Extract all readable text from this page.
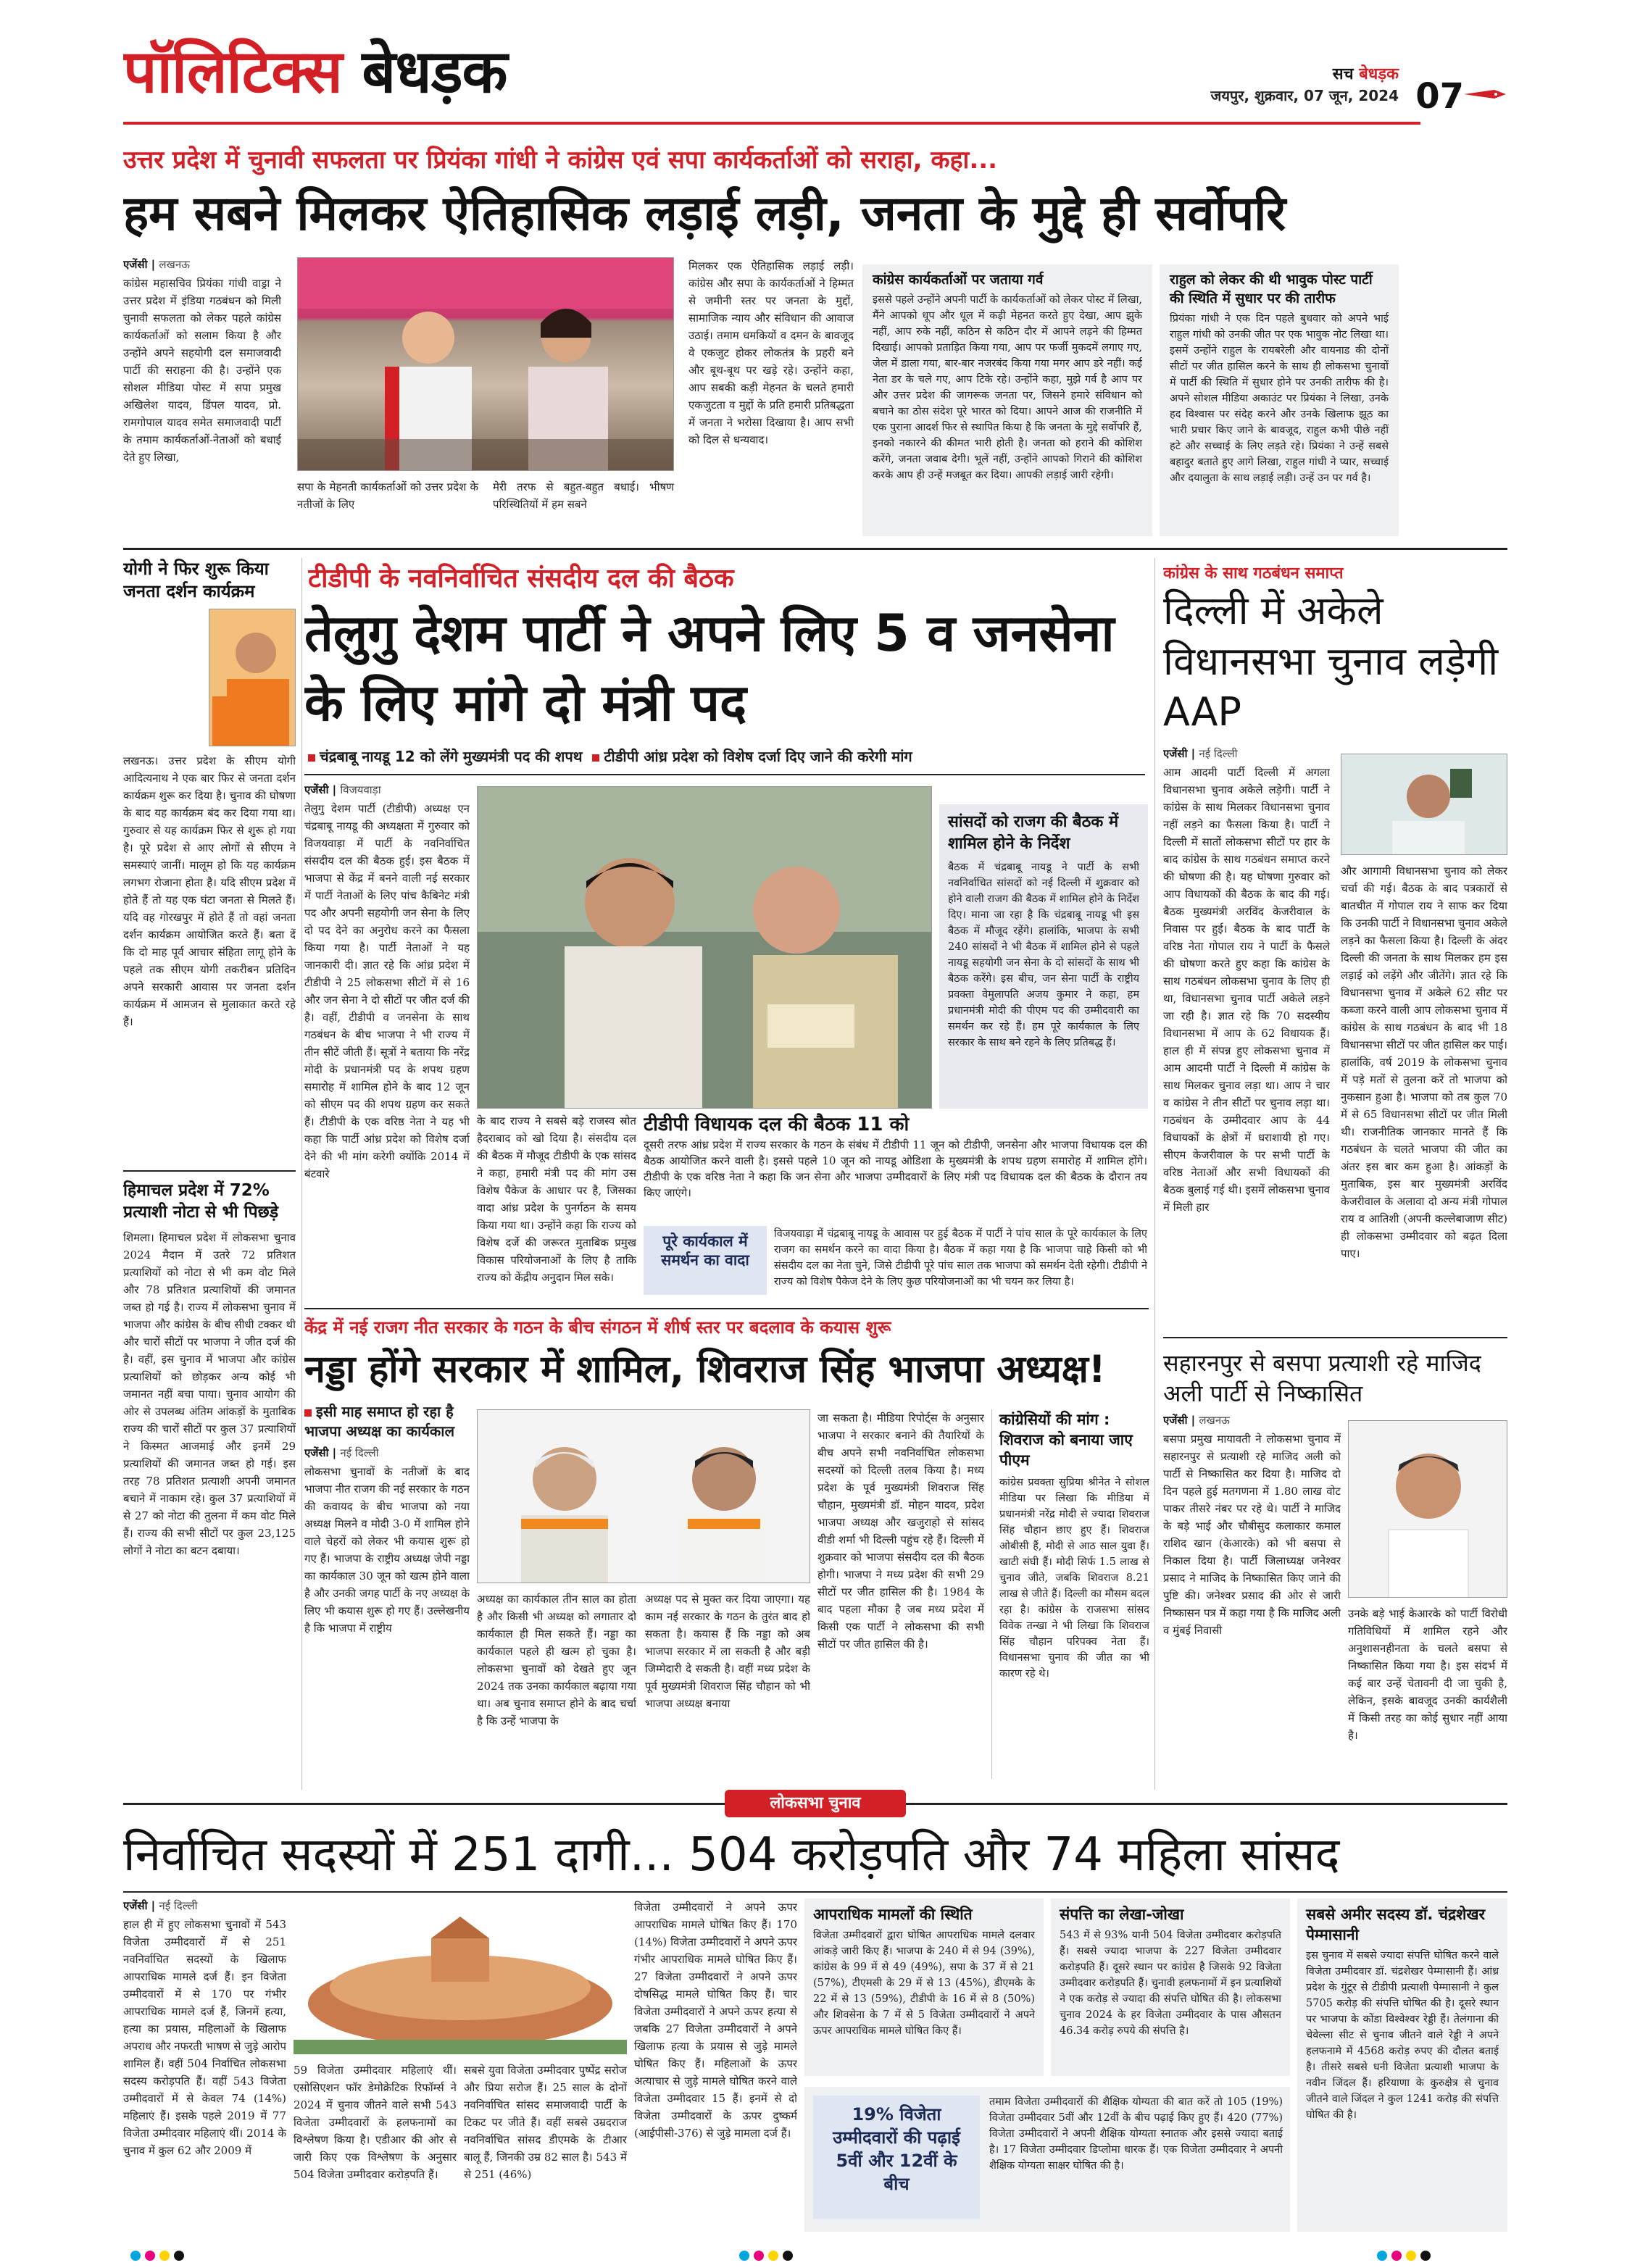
पॉलिटिक्स बेधड़क	सच बेधड़क
जयपुर, शुक्रवार, 07 जून, 2024 07
उत्तर प्रदेश में चुनावी सफलता पर प्रियंका गांधी ने कांग्रेस एवं सपा कार्यकर्ताओं को सराहा, कहा...
हम सबने मिलकर ऐतिहासिक लड़ाई लड़ी, जनता के मुद्दे ही सर्वोपरि
एजेंसी | लखनऊ
कांग्रेस महासचिव प्रियंका गांधी वाड्रा ने उत्तर प्रदेश में इंडिया गठबंधन को मिली चुनावी सफलता को लेकर पहले कांग्रेस कार्यकर्ताओं को सलाम किया है और उन्होंने अपने सहयोगी दल समाजवादी पार्टी की सराहना की है। उन्होंने एक सोशल मीडिया पोस्ट में सपा प्रमुख अखिलेश यादव, डिंपल यादव, प्रो. रामगोपाल यादव समेत समाजवादी पार्टी के तमाम कार्यकर्ताओं-नेताओं को बधाई देते हुए लिखा,
सपा के मेहनती कार्यकर्ताओं को उत्तर प्रदेश के नतीजों के लिए
मेरी तरफ से बहुत-बहुत बधाई। भीषण परिस्थितियों में हम सबने
मिलकर एक ऐतिहासिक लड़ाई लड़ी। कांग्रेस और सपा के कार्यकर्ताओं ने हिम्मत से जमीनी स्तर पर जनता के मुद्दों, सामाजिक न्याय और संविधान की आवाज उठाई। तमाम धमकियों व दमन के बावजूद वे एकजुट होकर लोकतंत्र के प्रहरी बने और बूथ-बूथ पर खड़े रहे। उन्होंने कहा, आप सबकी कड़ी मेहनत के चलते हमारी एकजुटता व मुद्दों के प्रति हमारी प्रतिबद्धता में जनता ने भरोसा दिखाया है। आप सभी को दिल से धन्यवाद।
कांग्रेस कार्यकर्ताओं पर जताया गर्व
इससे पहले उन्होंने अपनी पार्टी के कार्यकर्ताओं को लेकर पोस्ट में लिखा, मैंने आपको धूप और धूल में कड़ी मेहनत करते हुए देखा, आप झुके नहीं, आप रुके नहीं, कठिन से कठिन दौर में आपने लड़ने की हिम्मत दिखाई। आपको प्रताड़ित किया गया, आप पर फर्जी मुकदमें लगाए गए, जेल में डाला गया, बार-बार नजरबंद किया गया मगर आप डरे नहीं। कई नेता डर के चले गए, आप टिके रहे। उन्होंने कहा, मुझे गर्व है आप पर और उत्तर प्रदेश की जागरूक जनता पर, जिसने हमारे संविधान को बचाने का ठोस संदेश पूरे भारत को दिया। आपने आज की राजनीति में एक पुराना आदर्श फिर से स्थापित किया है कि जनता के मुद्दे सर्वोपरि हैं, इनको नकारने की कीमत भारी होती है। जनता को हराने की कोशिश करेंगे, जनता जवाब देगी। भूलें नहीं, उन्होंने आपको गिराने की कोशिश करके आप ही उन्हें मजबूत कर दिया। आपकी लड़ाई जारी रहेगी।
राहुल को लेकर की थी भावुक पोस्ट पार्टी की स्थिति में सुधार पर की तारीफ
प्रियंका गांधी ने एक दिन पहले बुधवार को अपने भाई राहुल गांधी को उनकी जीत पर एक भावुक नोट लिखा था। इसमें उन्होंने राहुल के रायबरेली और वायनाड की दोनों सीटों पर जीत हासिल करने के साथ ही लोकसभा चुनावों में पार्टी की स्थिति में सुधार होने पर उनकी तारीफ की है। अपने सोशल मीडिया अकाउंट पर प्रियंका ने लिखा, उनके हद विश्वास पर संदेह करने और उनके खिलाफ झूठ का भारी प्रचार किए जाने के बावजूद, राहुल कभी पीछे नहीं हटे और सच्चाई के लिए लड़ते रहे। प्रियंका ने उन्हें सबसे बहादुर बताते हुए आगे लिखा, राहुल गांधी ने प्यार, सच्चाई और दयालुता के साथ लड़ाई लड़ी। उन्हें उन पर गर्व है।
योगी ने फिर शुरू किया जनता दर्शन कार्यक्रम
लखनऊ। उत्तर प्रदेश के सीएम योगी आदित्यनाथ ने एक बार फिर से जनता दर्शन कार्यक्रम शुरू कर दिया है। चुनाव की घोषणा के बाद यह कार्यक्रम बंद कर दिया गया था। गुरुवार से यह कार्यक्रम फिर से शुरू हो गया है। पूरे प्रदेश से आए लोगों से सीएम ने समस्याएं जानीं। मालूम हो कि यह कार्यक्रम लगभग रोजाना होता है। यदि सीएम प्रदेश में होते हैं तो यह एक घंटा जनता से मिलते हैं। यदि वह गोरखपुर में होते हैं तो वहां जनता दर्शन कार्यक्रम आयोजित करते हैं। बता दें कि दो माह पूर्व आचार संहिता लागू होने के पहले तक सीएम योगी तकरीबन प्रतिदिन अपने सरकारी आवास पर जनता दर्शन कार्यक्रम में आमजन से मुलाकात करते रहे हैं।
हिमाचल प्रदेश में 72% प्रत्याशी नोटा से भी पिछड़े
शिमला। हिमाचल प्रदेश में लोकसभा चुनाव 2024 मैदान में उतरे 72 प्रतिशत प्रत्याशियों को नोटा से भी कम वोट मिले और 78 प्रतिशत प्रत्याशियों की जमानत जब्त हो गई है। राज्य में लोकसभा चुनाव में भाजपा और कांग्रेस के बीच सीधी टक्कर थी और चारों सीटों पर भाजपा ने जीत दर्ज की है। वहीं, इस चुनाव में भाजपा और कांग्रेस प्रत्याशियों को छोड़कर अन्य कोई भी जमानत नहीं बचा पाया। चुनाव आयोग की ओर से उपलब्ध अंतिम आंकड़ों के मुताबिक राज्य की चारों सीटों पर कुल 37 प्रत्याशियों ने किस्मत आजमाई और इनमें 29 प्रत्याशियों की जमानत जब्त हो गई। इस तरह 78 प्रतिशत प्रत्याशी अपनी जमानत बचाने में नाकाम रहे। कुल 37 प्रत्याशियों में से 27 को नोटा की तुलना में कम वोट मिले हैं। राज्य की सभी सीटों पर कुल 23,125 लोगों ने नोटा का बटन दबाया।
टीडीपी के नवनिर्वाचित संसदीय दल की बैठक
तेलुगु देशम पार्टी ने अपने लिए 5 व जनसेना के लिए मांगे दो मंत्री पद
चंद्रबाबू नायडू 12 को लेंगे मुख्यमंत्री पद की शपथ टीडीपी आंध्र प्रदेश को विशेष दर्जा दिए जाने की करेगी मांग
एजेंसी | विजयवाड़ा
तेलुगु देशम पार्टी (टीडीपी) अध्यक्ष एन चंद्रबाबू नायडू की अध्यक्षता में गुरुवार को विजयवाड़ा में पार्टी के नवनिर्वाचित संसदीय दल की बैठक हुई। इस बैठक में भाजपा से केंद्र में बनने वाली नई सरकार में पार्टी नेताओं के लिए पांच कैबिनेट मंत्री पद और अपनी सहयोगी जन सेना के लिए दो पद देने का अनुरोध करने का फैसला किया गया है। पार्टी नेताओं ने यह जानकारी दी। ज्ञात रहे कि आंध्र प्रदेश में टीडीपी ने 25 लोकसभा सीटों में से 16 और जन सेना ने दो सीटों पर जीत दर्ज की है। वहीं, टीडीपी व जनसेना के साथ गठबंधन के बीच भाजपा ने भी राज्य में तीन सीटें जीती हैं। सूत्रों ने बताया कि नरेंद्र मोदी के प्रधानमंत्री पद के शपथ ग्रहण समारोह में शामिल होने के बाद 12 जून को सीएम पद की शपथ ग्रहण कर सकते हैं। टीडीपी के एक वरिष्ठ नेता ने यह भी कहा कि पार्टी आंध्र प्रदेश को विशेष दर्जा देने की भी मांग करेगी क्योंकि 2014 में बंटवारे
टीडीपी विधायक दल की बैठक 11 को
दूसरी तरफ आंध्र प्रदेश में राज्य सरकार के गठन के संबंध में टीडीपी 11 जून को टीडीपी, जनसेना और भाजपा विधायक दल की बैठक आयोजित करने वाली है। इससे पहले 10 जून को नायडू ओडिशा के मुख्यमंत्री के शपथ ग्रहण समारोह में शामिल होंगे। टीडीपी के एक वरिष्ठ नेता ने कहा कि जन सेना और भाजपा उम्मीदवारों के लिए मंत्री पद विधायक दल की बैठक के दौरान तय किए जाएंगे।
के बाद राज्य ने सबसे बड़े राजस्व स्रोत हैदराबाद को खो दिया है। संसदीय दल की बैठक में मौजूद टीडीपी के एक सांसद ने कहा, हमारी मंत्री पद की मांग उस विशेष पैकेज के आधार पर है, जिसका वादा आंध्र प्रदेश के पुनर्गठन के समय किया गया था। उन्होंने कहा कि राज्य को विशेष दर्जे की जरूरत मुताबिक प्रमुख विकास परियोजनाओं के लिए है ताकि राज्य को केंद्रीय अनुदान मिल सके।
सांसदों को राजग की बैठक में शामिल होने के निर्देश
बैठक में चंद्रबाबू नायडू ने पार्टी के सभी नवनिर्वाचित सांसदों को नई दिल्ली में शुक्रवार को होने वाली राजग की बैठक में शामिल होने के निर्देश दिए। माना जा रहा है कि चंद्रबाबू नायडू भी इस बैठक में मौजूद रहेंगे। हालांकि, भाजपा के सभी 240 सांसदों ने भी बैठक में शामिल होने से पहले नायडू सहयोगी जन सेना के दो सांसदों के साथ भी बैठक करेंगे। इस बीच, जन सेना पार्टी के राष्ट्रीय प्रवक्ता वेमुलापति अजय कुमार ने कहा, हम प्रधानमंत्री मोदी की पीएम पद की उम्मीदवारी का समर्थन कर रहे हैं। हम पूरे कार्यकाल के लिए सरकार के साथ बने रहने के लिए प्रतिबद्ध हैं।
पूरे कार्यकाल में समर्थन का वादा
विजयवाड़ा में चंद्रबाबू नायडू के आवास पर हुई बैठक में पार्टी ने पांच साल के पूरे कार्यकाल के लिए राजग का समर्थन करने का वादा किया है। बैठक में कहा गया है कि भाजपा चाहे किसी को भी संसदीय दल का नेता चुने, जिसे टीडीपी पूरे पांच साल तक भाजपा को समर्थन देती रहेगी। टीडीपी ने राज्य को विशेष पैकेज देने के लिए कुछ परियोजनाओं का भी चयन कर लिया है।
कांग्रेस के साथ गठबंधन समाप्त
दिल्ली में अकेले विधानसभा चुनाव लड़ेगी AAP
एजेंसी | नई दिल्ली
आम आदमी पार्टी दिल्ली में अगला विधानसभा चुनाव अकेले लड़ेगी। पार्टी ने कांग्रेस के साथ मिलकर विधानसभा चुनाव नहीं लड़ने का फैसला किया है। पार्टी ने दिल्ली में सातों लोकसभा सीटों पर हार के बाद कांग्रेस के साथ गठबंधन समाप्त करने की घोषणा की है। यह घोषणा गुरुवार को आप विधायकों की बैठक के बाद की गई। बैठक मुख्यमंत्री अरविंद केजरीवाल के निवास पर हुई। बैठक के बाद पार्टी के वरिष्ठ नेता गोपाल राय ने पार्टी के फैसले की घोषणा करते हुए कहा कि कांग्रेस के साथ गठबंधन लोकसभा चुनाव के लिए ही था, विधानसभा चुनाव पार्टी अकेले लड़ने जा रही है। ज्ञात रहे कि 70 सदस्यीय विधानसभा में आप के 62 विधायक हैं। हाल ही में संपन्न हुए लोकसभा चुनाव में आम आदमी पार्टी ने दिल्ली में कांग्रेस के साथ मिलकर चुनाव लड़ा था। आप ने चार व कांग्रेस ने तीन सीटों पर चुनाव लड़ा था। गठबंधन के उम्मीदवार आप के 44 विधायकों के क्षेत्रों में धराशायी हो गए। सीएम केजरीवाल के पर सभी पार्टी के वरिष्ठ नेताओं और सभी विधायकों की बैठक बुलाई गई थी। इसमें लोकसभा चुनाव में मिली हार
और आगामी विधानसभा चुनाव को लेकर चर्चा की गई। बैठक के बाद पत्रकारों से बातचीत में गोपाल राय ने साफ कर दिया कि उनकी पार्टी ने विधानसभा चुनाव अकेले लड़ने का फैसला किया है। दिल्ली के अंदर दिल्ली की जनता के साथ मिलकर हम इस लड़ाई को लड़ेंगे और जीतेंगे। ज्ञात रहे कि विधानसभा चुनाव में अकेले 62 सीट पर कब्जा करने वाली आप लोकसभा चुनाव में कांग्रेस के साथ गठबंधन के बाद भी 18 विधानसभा सीटों पर जीत हासिल कर पाई। हालांकि, वर्ष 2019 के लोकसभा चुनाव में पड़े मतों से तुलना करें तो भाजपा को नुकसान हुआ है। भाजपा को तब कुल 70 में से 65 विधानसभा सीटों पर जीत मिली थी। राजनीतिक जानकार मानते हैं कि गठबंधन के चलते भाजपा की जीत का अंतर इस बार कम हुआ है। आंकड़ों के मुताबिक, इस बार मुख्यमंत्री अरविंद केजरीवाल के अलावा दो अन्य मंत्री गोपाल राय व आतिशी (अपनी कल्लेबाजाण सीट) ही लोकसभा उम्मीदवार को बढ़त दिला पाए।
सहारनपुर से बसपा प्रत्याशी रहे माजिद अली पार्टी से निष्कासित
एजेंसी | लखनऊ
बसपा प्रमुख मायावती ने लोकसभा चुनाव में सहारनपुर से प्रत्याशी रहे माजिद अली को पार्टी से निष्कासित कर दिया है। माजिद दो दिन पहले हुई मतगणना में 1.80 लाख वोट पाकर तीसरे नंबर पर रहे थे। पार्टी ने माजिद के बड़े भाई और चौबीसुद कलाकार कमाल राशिद खान (केआरके) को भी बसपा से निकाल दिया है। पार्टी जिलाध्यक्ष जनेश्वर प्रसाद ने माजिद के निष्कासित किए जाने की पुष्टि की। जनेश्वर प्रसाद की ओर से जारी निष्कासन पत्र में कहा गया है कि माजिद अली व मुंबई निवासी
उनके बड़े भाई केआरके को पार्टी विरोधी गतिविधियों में शामिल रहने और अनुशासनहीनता के चलते बसपा से निष्कासित किया गया है। इस संदर्भ में कई बार उन्हें चेतावनी दी जा चुकी है, लेकिन, इसके बावजूद उनकी कार्यशैली में किसी तरह का कोई सुधार नहीं आया है।
केंद्र में नई राजग नीत सरकार के गठन के बीच संगठन में शीर्ष स्तर पर बदलाव के कयास शुरू
नड्डा होंगे सरकार में शामिल, शिवराज सिंह भाजपा अध्यक्ष!
इसी माह समाप्त हो रहा है भाजपा अध्यक्ष का कार्यकाल
एजेंसी | नई दिल्ली
लोकसभा चुनावों के नतीजों के बाद भाजपा नीत राजग की नई सरकार के गठन की कवायद के बीच भाजपा को नया अध्यक्ष मिलने व मोदी 3-0 में शामिल होने वाले चेहरों को लेकर भी कयास शुरू हो गए हैं। भाजपा के राष्ट्रीय अध्यक्ष जेपी नड्डा का कार्यकाल 30 जून को खत्म होने वाला है और उनकी जगह पार्टी के नए अध्यक्ष के लिए भी कयास शुरू हो गए हैं। उल्लेखनीय है कि भाजपा में राष्ट्रीय
अध्यक्ष का कार्यकाल तीन साल का होता है और किसी भी अध्यक्ष को लगातार दो कार्यकाल ही मिल सकते हैं। नड्डा का कार्यकाल पहले ही खत्म हो चुका है। लोकसभा चुनावों को देखते हुए जून 2024 तक उनका कार्यकाल बढ़ाया गया था। अब चुनाव समाप्त होने के बाद चर्चा है कि उन्हें भाजपा के
अध्यक्ष पद से मुक्त कर दिया जाएगा। यह काम नई सरकार के गठन के तुरंत बाद हो सकता है। कयास हैं कि नड्डा को अब भाजपा सरकार में ला सकती है और बड़ी जिम्मेदारी दे सकती है। वहीं मध्य प्रदेश के पूर्व मुख्यमंत्री शिवराज सिंह चौहान को भी भाजपा अध्यक्ष बनाया
जा सकता है। मीडिया रिपोर्ट्स के अनुसार भाजपा ने सरकार बनाने की तैयारियों के बीच अपने सभी नवनिर्वाचित लोकसभा सदस्यों को दिल्ली तलब किया है। मध्य प्रदेश के पूर्व मुख्यमंत्री शिवराज सिंह चौहान, मुख्यमंत्री डॉ. मोहन यादव, प्रदेश भाजपा अध्यक्ष और खजुराहो से सांसद वीडी शर्मा भी दिल्ली पहुंच रहे हैं। दिल्ली में शुक्रवार को भाजपा संसदीय दल की बैठक होगी। भाजपा ने मध्य प्रदेश की सभी 29 सीटों पर जीत हासिल की है। 1984 के बाद पहला मौका है जब मध्य प्रदेश में किसी एक पार्टी ने लोकसभा की सभी सीटों पर जीत हासिल की है।
कांग्रेसियों की मांग : शिवराज को बनाया जाए पीएम
कांग्रेस प्रवक्ता सुप्रिया श्रीनेत ने सोशल मीडिया पर लिखा कि मीडिया में प्रधानमंत्री नरेंद्र मोदी से ज्यादा शिवराज सिंह चौहान छाए हुए हैं। शिवराज ओबीसी हैं, मोदी से आठ साल युवा हैं। खाटी संघी हैं। मोदी सिर्फ 1.5 लाख से चुनाव जीते, जबकि शिवराज 8.21 लाख से जीते हैं। दिल्ली का मौसम बदल रहा है। कांग्रेस के राजसभा सांसद विवेक तन्खा ने भी लिखा कि शिवराज सिंह चौहान परिपक्व नेता हैं। विधानसभा चुनाव की जीत का भी कारण रहे थे।
लोकसभा चुनाव
निर्वाचित सदस्यों में 251 दागी... 504 करोड़पति और 74 महिला सांसद
एजेंसी | नई दिल्ली
हाल ही में हुए लोकसभा चुनावों में 543 विजेता उम्मीदवारों में से 251 नवनिर्वाचित सदस्यों के खिलाफ आपराधिक मामले दर्ज हैं। इन विजेता उम्मीदवारों में से 170 पर गंभीर आपराधिक मामले दर्ज हैं, जिनमें हत्या, हत्या का प्रयास, महिलाओं के खिलाफ अपराध और नफरती भाषण से जुड़े आरोप शामिल हैं। वहीं 504 निर्वाचित लोकसभा सदस्य करोड़पति हैं। वहीं 543 विजेता उम्मीदवारों में से केवल 74 (14%) महिलाएं हैं। इसके पहले 2019 में 77 विजेता उम्मीदवार महिलाएं थीं। 2014 के चुनाव में कुल 62 और 2009 में
59 विजेता उम्मीदवार महिलाएं थीं। एसोसिएशन फॉर डेमोक्रेटिक रिफॉर्म्स ने 2024 में चुनाव जीतने वाले सभी 543 विजेता उम्मीदवारों के हलफनामों का विश्लेषण किया है। एडीआर की ओर से जारी किए एक विश्लेषण के अनुसार 504 विजेता उम्मीदवार करोड़पति हैं।
सबसे युवा विजेता उम्मीदवार पुष्पेंद्र सरोज और प्रिया सरोज हैं। 25 साल के दोनों नवनिर्वाचित सांसद समाजवादी पार्टी के टिकट पर जीते हैं। वहीं सबसे उम्रदराज नवनिर्वाचित सांसद डीएमके के टीआर बालू हैं, जिनकी उम्र 82 साल है। 543 में से 251 (46%)
विजेता उम्मीदवारों ने अपने ऊपर आपराधिक मामले घोषित किए हैं। 170 (14%) विजेता उम्मीदवारों ने अपने ऊपर गंभीर आपराधिक मामले घोषित किए हैं। 27 विजेता उम्मीदवारों ने अपने ऊपर दोषसिद्ध मामले घोषित किए हैं। चार विजेता उम्मीदवारों ने अपने ऊपर हत्या से जबकि 27 विजेता उम्मीदवारों ने अपने खिलाफ हत्या के प्रयास से जुड़े मामले घोषित किए हैं। महिलाओं के ऊपर अत्याचार से जुड़े मामले घोषित करने वाले विजेता उम्मीदवार 15 हैं। इनमें से दो विजेता उम्मीदवारों के ऊपर दुष्कर्म (आईपीसी-376) से जुड़े मामला दर्ज हैं।
आपराधिक मामलों की स्थिति
विजेता उम्मीदवारों द्वारा घोषित आपराधिक मामले दलवार आंकड़े जारी किए हैं। भाजपा के 240 में से 94 (39%), कांग्रेस के 99 में से 49 (49%), सपा के 37 में से 21 (57%), टीएमसी के 29 में से 13 (45%), डीएमके के 22 में से 13 (59%), टीडीपी के 16 में से 8 (50%) और शिवसेना के 7 में से 5 विजेता उम्मीदवारों ने अपने ऊपर आपराधिक मामले घोषित किए हैं।
संपत्ति का लेखा-जोखा
543 में से 93% यानी 504 विजेता उम्मीदवार करोड़पति हैं। सबसे ज्यादा भाजपा के 227 विजेता उम्मीदवार करोड़पति हैं। दूसरे स्थान पर कांग्रेस है जिसके 92 विजेता उम्मीदवार करोड़पति हैं। चुनावी हलफनामों में इन प्रत्याशियों ने एक करोड़ से ज्यादा की संपत्ति घोषित की है। लोकसभा चुनाव 2024 के हर विजेता उम्मीदवार के पास औसतन 46.34 करोड़ रुपये की संपत्ति है।
सबसे अमीर सदस्य डॉ. चंद्रशेखर पेम्मासानी
इस चुनाव में सबसे ज्यादा संपत्ति घोषित करने वाले विजेता उम्मीदवार डॉ. चंद्रशेखर पेम्मासानी हैं। आंध्र प्रदेश के गुंटूर से टीडीपी प्रत्याशी पेम्मासानी ने कुल 5705 करोड़ की संपत्ति घोषित की है। दूसरे स्थान पर भाजपा के कोंडा विश्वेश्वर रेड्डी हैं। तेलंगाना की चेवेल्ला सीट से चुनाव जीतने वाले रेड्डी ने अपने हलफनामे में 4568 करोड़ रुपए की दौलत बताई है। तीसरे सबसे धनी विजेता प्रत्याशी भाजपा के नवीन जिंदल हैं। हरियाणा के कुरुक्षेत्र से चुनाव जीतने वाले जिंदल ने कुल 1241 करोड़ की संपत्ति घोषित की है।
19% विजेता उम्मीदवारों की पढ़ाई 5वीं और 12वीं के बीच
तमाम विजेता उम्मीदवारों की शैक्षिक योग्यता की बात करें तो 105 (19%) विजेता उम्मीदवार 5वीं और 12वीं के बीच पढ़ाई किए हुए हैं। 420 (77%) विजेता उम्मीदवारों ने अपनी शैक्षिक योग्यता स्नातक और इससे ज्यादा बताई है। 17 विजेता उम्मीदवार डिप्लोमा धारक हैं। एक विजेता उम्मीदवार ने अपनी शैक्षिक योग्यता साक्षर घोषित की है।
